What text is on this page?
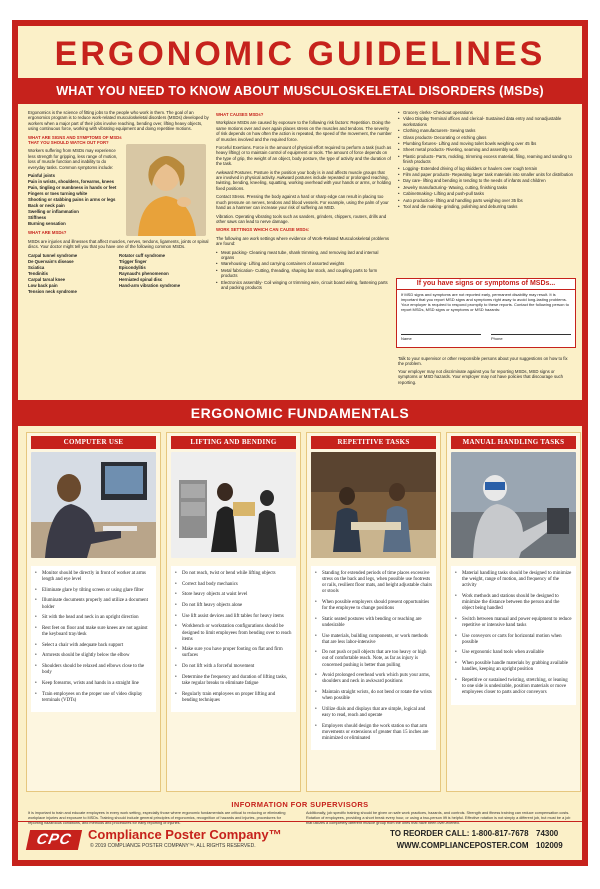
ERGONOMIC GUIDELINES
WHAT YOU NEED TO KNOW ABOUT MUSCULOSKELETAL DISORDERS (MSDs)

Ergonomics is the science of fitting jobs to the people who work in them. The goal of an ergonomics program is to reduce work-related musculoskeletal disorders (MSDs) developed by workers when a major part of their jobs involve reaching, bending over, lifting heavy objects, using continuous force, working with vibrating equipment and doing repetitive motions.

WHAT ARE SIGNS AND SYMPTOMS OF MSDs THAT YOU SHOULD WATCH OUT FOR?

Workers suffering from MSDs may experience less strength for gripping, less range of motion, loss of muscle function and inability to do everyday tasks. Common symptoms include:

Painful joints
Pain in wrists, shoulders, forearms, knees
Pain, tingling or numbness in hands or feet
Fingers or toes turning white
Shooting or stabbing pains in arms or legs
Back or neck pain
Swelling or inflammation
Stiffness
Burning sensation

WHAT ARE MSDs?

MSDs are injuries and illnesses that affect muscles, nerves, tendons, ligaments, joints or spinal discs. Your doctor might tell you that you have one of the following common MSDs.

Carpal tunnel syndrome
De Quervain's disease
Sciatica
Tendinitis
Carpal tarsal knee
Low back pain
Tension neck syndrome
Rotator cuff syndrome
Trigger finger
Epicondylitis
Raynaud's phenomenon
Herniated spinal disc
Hand-arm vibration syndrome

WHAT CAUSES MSDs?

Workplace MSDs are caused by exposure to the following risk factors: Repetition. Doing the same motions over and over again places stress on the muscles and tendons. The severity of risk depends on how often the action is repeated, the speed of the movement, the number of muscles involved and the required force.

Forceful Exertions. Force is the amount of physical effort required to perform a task (such as heavy lifting) or to maintain control of equipment or tools. The amount of force depends on the type of grip, the weight of an object, body posture, the type of activity and the duration of the task.

Awkward Postures. Posture is the position your body is in and affects muscle groups that are involved in physical activity. Awkward postures include repeated or prolonged reaching, twisting, bending, kneeling, squatting, working overhead with your hands or arms, or holding fixed positions.

Contact Stress. Pressing the body against a hard or sharp edge can result in placing too much pressure on nerves, tendons and blood vessels. For example, using the palm of your hand as a hammer can increase your risk of suffering an MSD.

Vibration. Operating vibrating tools such as sanders, grinders, chippers, routers, drills and other saws can lead to nerve damage.

WORK SETTINGS WHICH CAN CAUSE MSDs:

The following are work settings where evidence of Work-Related Musculoskeletal problems are found:

• Meat packing- Cleaning meat tube, shank trimming, and removing lard and internal organs
• Warehousing- Lifting and carrying containers of assorted weights
• Metal fabrication- Cutting, threading, shaping bar stock, and coupling parts to form products
• Electronics assembly- Coil winging or trimming wire, circuit board wiring, fastening parts and packing products
• Grocery clerks- Checkout operations
• Video Display Terminal offices and clerical- Sustained data entry and nonadjustable workstations
• Clothing manufacturers- Sewing tasks
• Glass products- Decorating or etching glass
• Plumbing fixtures- Lifting and moving toilet bowls weighing over 45 lbs
• Sheet metal products- Riveting, seaming and assembly work
• Plastic products- Parts, molding, trimming excess material, filing, reaming and sanding to finish products
• Logging- Extended driving of log skidders or haulers over rough terrain
• Film and paper products- Repeating larger task materials into smaller units for distribution
• Day care- lifting and bending in tending to the needs of infants and children
• Jewelry manufacturing- Waxing, cutting, finishing tasks
• Cabinetmaking- Lifting and push-pull tasks
• Auto production- lifting and handling parts weighing over 35 lbs
• Tool and die making- grinding, polishing and deburring tasks
If you have signs or symptoms of MSDs...
If MSD signs and symptoms are not reported early, permanent disability may result. It is important that you report MSD signs and symptoms right away to avoid long-lasting problems. Your employer is required to respond promptly to these reports. Contact the following person to report MSDs, MSD signs or symptoms or MSD hazards:
Name	Phone

Talk to your supervisor or other responsible persons about your suggestions on how to fix the problem.

Your employer may not discriminate against you for reporting MSDs, MSD signs or symptoms or MSD hazards. Your employer may not have policies that discourage such reporting.

ERGONOMIC FUNDAMENTALS
COMPUTER USE
• Monitor should be directly in front of worker at arms length and eye level
• Eliminate glare by tilting screen or using glare filter
• Illuminate documents properly and utilize a document holder
• Sit with the head and neck in an upright direction
• Rest feet on floor and make sure knees are not against the keyboard tray/desk
• Select a chair with adequate back support
• Armrests should be slightly below the elbow
• Shoulders should be relaxed and elbows close to the body
• Keep forearms, wrists and hands in a straight line
• Train employees on the proper use of video display terminals (VDTs)
LIFTING AND BENDING
• Do not reach, twist or bend while lifting objects
• Correct bad body mechanics
• Store heavy objects at waist level
• Do not lift heavy objects alone
• Use lift assist devices and lift tables for heavy items
• Workbench or workstation configurations should be designed to limit employees from bending over to reach items
• Make sure you have proper footing on flat and firm surfaces
• Do not lift with a forceful movement
• Determine the frequency and duration of lifting tasks, take regular breaks to eliminate fatigue
• Regularly train employees on proper lifting and bending techniques
REPETITIVE TASKS
• Standing for extended periods of time places excessive stress on the back and legs, when possible use footrests or rails, resilient floor mats, and height adjustable chairs or stools
• When possible employers should present opportunities for the employee to change positions
• Static seated postures with bending or reaching are undesirable
• Use materials, building components, or work methods that are less labor-intensive
• Do not push or pull objects that are too heavy or high out of comfortable reach. Note, as far as injury is concerned pushing is better than pulling
• Avoid prolonged overhead work which puts your arms, shoulders and neck in awkward positions
• Maintain straight wrists, do not bend or rotate the wrists when possible
• Utilize dials and displays that are simple, logical and easy to read, reach and operate
• Employers should design the work station so that arm movements or extensions of greater than 15 inches are minimized or eliminated
MANUAL HANDLING TASKS
• Material handling tasks should be designed to minimize the weight, range of motion, and frequency of the activity
• Work methods and stations should be designed to minimize the distance between the person and the object being handled
• Switch between manual and power equipment to reduce repetitive or intensive hand tasks
• Use conveyors or carts for horizontal motion when possible
• Use ergonomic hand tools when available
• When possible handle materials by grabbing available handles, keeping an upright position
• Repetitive or sustained twisting, stretching, or leaning to one side is undesirable, position materials or move employees closer to parts and/or conveyors
INFORMATION FOR SUPERVISORS
It is important to train and educate employees in every work setting, especially those where ergonomic fundamentals are critical to reducing or eliminating workplace injuries and exposure to MSDs. Training should include general principles of ergonomics, recognition of hazards and injuries, procedures for reporting hazardous conditions, and methods and procedures for early reporting of injuries.
Additionally, job specific training should be given on safe work practices, hazards, and controls. Strength and fitness training can reduce compensation costs. Rotation of employees, providing a short break every hour, or using a two-person lift is helpful. Effective rotation is not simply a different job, but must be a job that utilizes a completely different muscle group from the ones that have been over-exerted.
CPC	Compliance Poster Company™
© 2019 COMPLIANCE POSTER COMPANY™. ALL RIGHTS RESERVED.
TO REORDER CALL: 1-800-817-7678
WWW.COMPLIANCEPOSTER.COM
74300
102009
